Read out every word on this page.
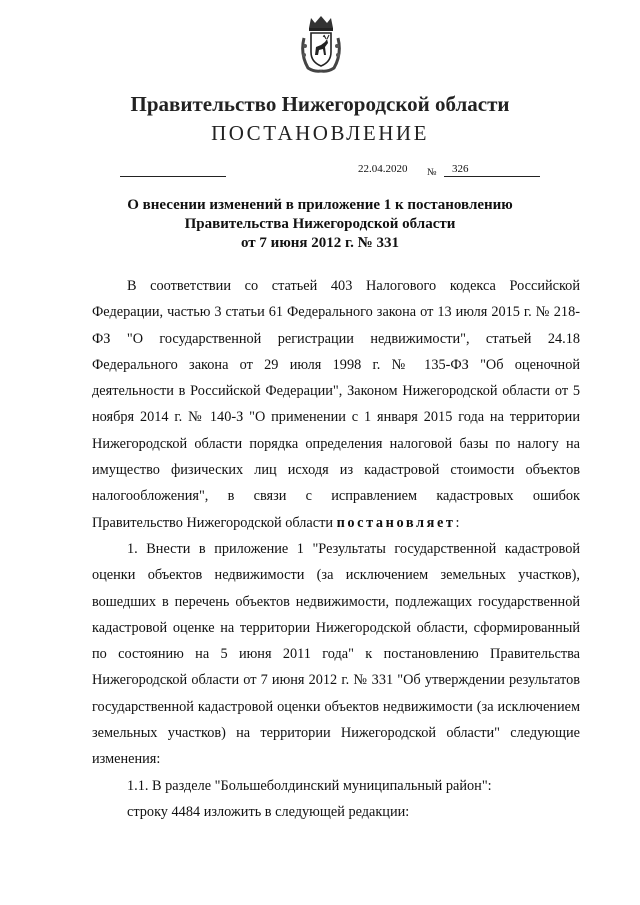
Правительство Нижегородской области
ПОСТАНОВЛЕНИЕ
22.04.2020 №	326
О внесении изменений в приложение 1 к постановлению
Правительства Нижегородской области
от 7 июня 2012 г. № 331

В соответствии со статьей 403 Налогового кодекса Российской Федерации, частью 3 статьи 61 Федерального закона от 13 июля 2015 г. № 218-ФЗ "О государственной регистрации недвижимости", статьей 24.18 Федерального закона от 29 июля 1998 г. № 135-ФЗ "Об оценочной деятельности в Российской Федерации", Законом Нижегородской области от 5 ноября 2014 г. № 140-З "О применении с 1 января 2015 года на территории Нижегородской области порядка определения налоговой базы по налогу на имущество физических лиц исходя из кадастровой стоимости объектов налогообложения", в связи с исправлением кадастровых ошибок Правительство Нижегородской области постановляет:

1. Внести в приложение 1 "Результаты государственной кадастровой оценки объектов недвижимости (за исключением земельных участков), вошедших в перечень объектов недвижимости, подлежащих государственной кадастровой оценке на территории Нижегородской области, сформированный по состоянию на 5 июня 2011 года" к постановлению Правительства Нижегородской области от 7 июня 2012 г. № 331 "Об утверждении результатов государственной кадастровой оценки объектов недвижимости (за исключением земельных участков) на территории Нижегородской области" следующие изменения:

1.1. В разделе "Большеболдинский муниципальный район":

строку 4484 изложить в следующей редакции:
